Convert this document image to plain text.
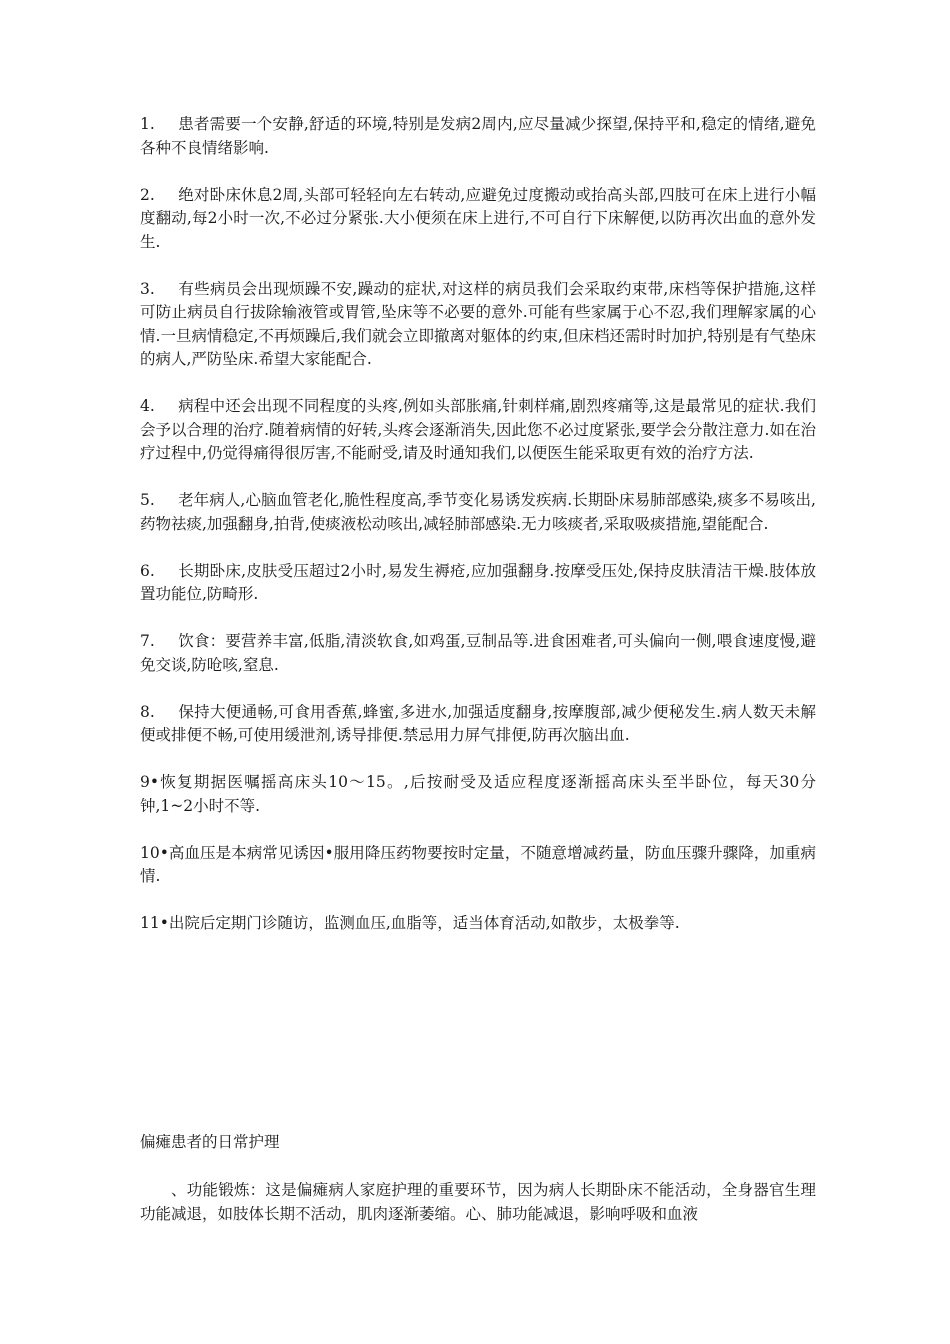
1. 患者需要一个安静,舒适的环境,特别是发病2周内,应尽量减少探望,保持平和,稳定的情绪,避免各种不良情绪影响.

2. 绝对卧床休息2周,头部可轻轻向左右转动,应避免过度搬动或抬高头部,四肢可在床上进行小幅度翻动,每2小时一次,不必过分紧张.大小便须在床上进行,不可自行下床解便,以防再次出血的意外发生.

3. 有些病员会出现烦躁不安,躁动的症状,对这样的病员我们会采取约束带,床档等保护措施,这样可防止病员自行拔除输液管或胃管,坠床等不必要的意外.可能有些家属于心不忍,我们理解家属的心情.一旦病情稳定,不再烦躁后,我们就会立即撤离对躯体的约束,但床档还需时时加护,特别是有气垫床的病人,严防坠床.希望大家能配合.

4. 病程中还会出现不同程度的头疼,例如头部胀痛,针刺样痛,剧烈疼痛等,这是最常见的症状.我们会予以合理的治疗.随着病情的好转,头疼会逐渐消失,因此您不必过度紧张,要学会分散注意力.如在治疗过程中,仍觉得痛得很厉害,不能耐受,请及时通知我们,以便医生能采取更有效的治疗方法.

5. 老年病人,心脑血管老化,脆性程度高,季节变化易诱发疾病.长期卧床易肺部感染,痰多不易咳出,药物祛痰,加强翻身,拍背,使痰液松动咳出,减轻肺部感染.无力咳痰者,采取吸痰措施,望能配合.

6. 长期卧床,皮肤受压超过2小时,易发生褥疮,应加强翻身.按摩受压处,保持皮肤清洁干燥.肢体放置功能位,防畸形.

7. 饮食：要营养丰富,低脂,清淡软食,如鸡蛋,豆制品等.进食困难者,可头偏向一侧,喂食速度慢,避免交谈,防呛咳,窒息.

8. 保持大便通畅,可食用香蕉,蜂蜜,多进水,加强适度翻身,按摩腹部,减少便秘发生.病人数天未解便或排便不畅,可使用缓泄剂,诱导排便.禁忌用力屏气排便,防再次脑出血.

9•恢复期据医嘱摇高床头10〜15。,后按耐受及适应程度逐渐摇高床头至半卧位，每天30分钟,1~2小时不等.

10•高血压是本病常见诱因•服用降压药物要按时定量，不随意增减药量，防血压骤升骤降，加重病情.

11•出院后定期门诊随访，监测血压,血脂等，适当体育活动,如散步，太极拳等.

偏瘫患者的日常护理

、功能锻炼：这是偏瘫病人家庭护理的重要环节，因为病人长期卧床不能活动，全身器官生理功能减退，如肢体长期不活动，肌肉逐渐萎缩。心、肺功能减退，影响呼吸和血液
